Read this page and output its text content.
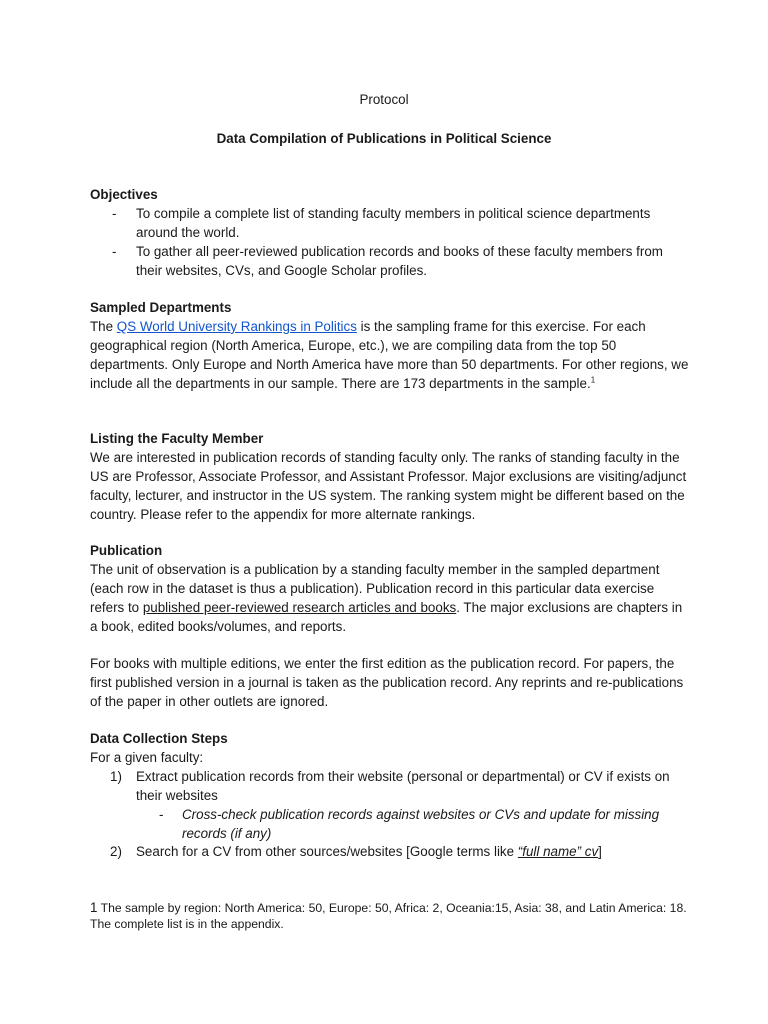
Protocol
Data Compilation of Publications in Political Science

Objectives

- To compile a complete list of standing faculty members in political science departments around the world.
- To gather all peer-reviewed publication records and books of these faculty members from their websites, CVs, and Google Scholar profiles.

Sampled Departments

The QS World University Rankings in Politics is the sampling frame for this exercise. For each geographical region (North America, Europe, etc.), we are compiling data from the top 50 departments. Only Europe and North America have more than 50 departments. For other regions, we include all the departments in our sample. There are 173 departments in the sample.$^1$

Listing the Faculty Member

We are interested in publication records of standing faculty only. The ranks of standing faculty in the US are Professor, Associate Professor, and Assistant Professor. Major exclusions are visiting/adjunct faculty, lecturer, and instructor in the US system. The ranking system might be different based on the country. Please refer to the appendix for more alternate rankings.

Publication

The unit of observation is a publication by a standing faculty member in the sampled department (each row in the dataset is thus a publication). Publication record in this particular data exercise refers to published peer-reviewed research articles and books. The major exclusions are chapters in a book, edited books/volumes, and reports.

For books with multiple editions, we enter the first edition as the publication record. For papers, the first published version in a journal is taken as the publication record. Any reprints and re-publications of the paper in other outlets are ignored.

Data Collection Steps

For a given faculty:

1) Extract publication records from their website (personal or departmental) or CV if exists on their websites
- Cross-check publication records against websites or CVs and update for missing records (if any)
2) Search for a CV from other sources/websites [Google terms like “full name” cv]
1 The sample by region: North America: 50, Europe: 50, Africa: 2, Oceania:15, Asia: 38, and Latin America: 18. The complete list is in the appendix.
